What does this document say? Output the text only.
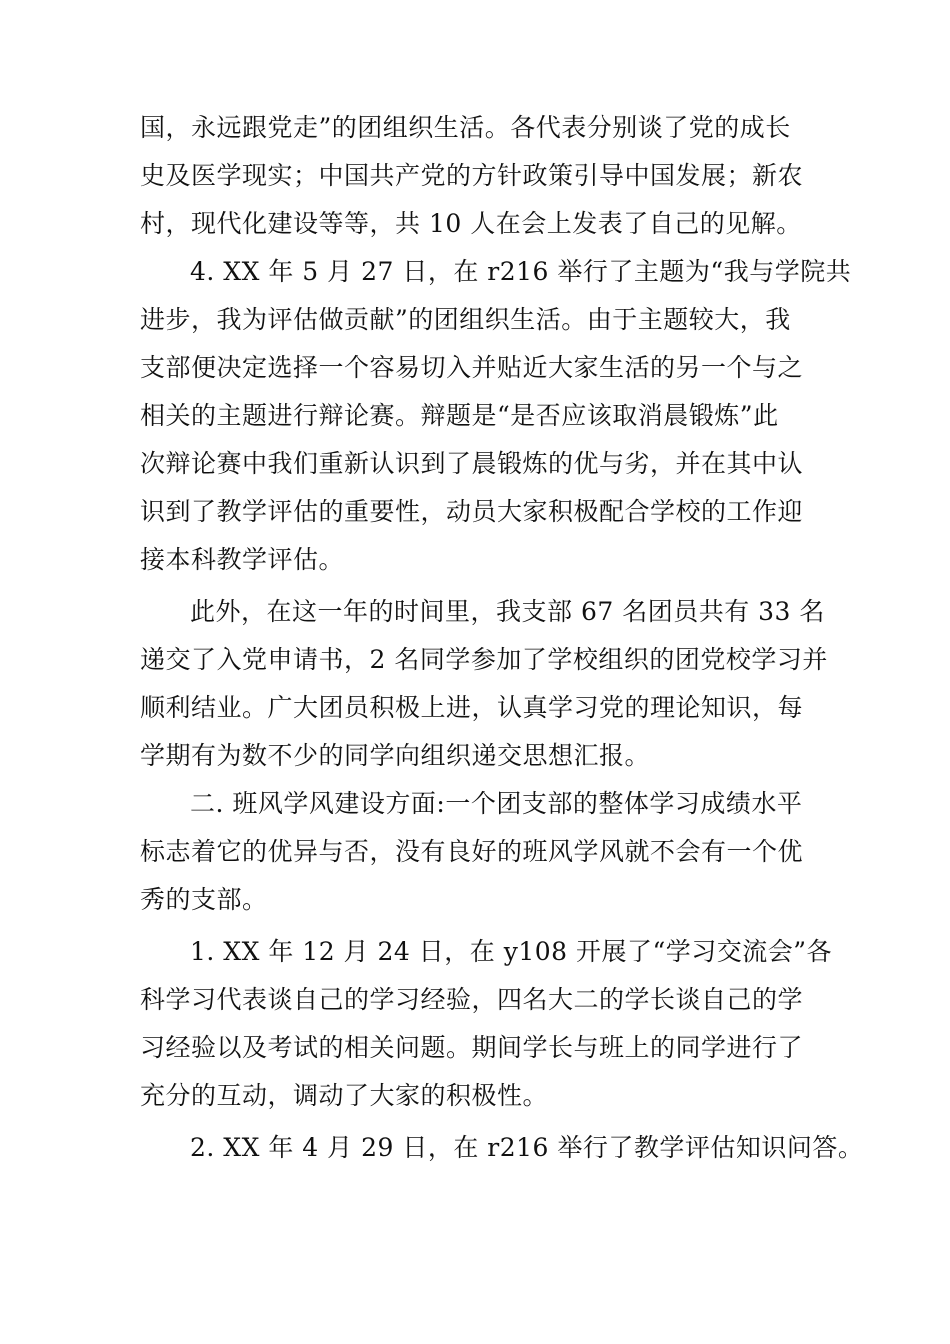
国，永远跟党走”的团组织生活。各代表分别谈了党的成长
史及医学现实；中国共产党的方针政策引导中国发展；新农
村，现代化建设等等，共 10 人在会上发表了自己的见解。
4. XX 年 5 月 27 日，在 r216 举行了主题为“我与学院共
进步，我为评估做贡献”的团组织生活。由于主题较大，我
支部便决定选择一个容易切入并贴近大家生活的另一个与之
相关的主题进行辩论赛。辩题是“是否应该取消晨锻炼”此
次辩论赛中我们重新认识到了晨锻炼的优与劣，并在其中认
识到了教学评估的重要性，动员大家积极配合学校的工作迎
接本科教学评估。
此外，在这一年的时间里，我支部 67 名团员共有 33 名
递交了入党申请书，2 名同学参加了学校组织的团党校学习并
顺利结业。广大团员积极上进，认真学习党的理论知识，每
学期有为数不少的同学向组织递交思想汇报。
二. 班风学风建设方面:一个团支部的整体学习成绩水平
标志着它的优异与否，没有良好的班风学风就不会有一个优
秀的支部。
1. XX 年 12 月 24 日，在 y108 开展了“学习交流会”各
科学习代表谈自己的学习经验，四名大二的学长谈自己的学
习经验以及考试的相关问题。期间学长与班上的同学进行了
充分的互动，调动了大家的积极性。
2. XX 年 4 月 29 日，在 r216 举行了教学评估知识问答。
